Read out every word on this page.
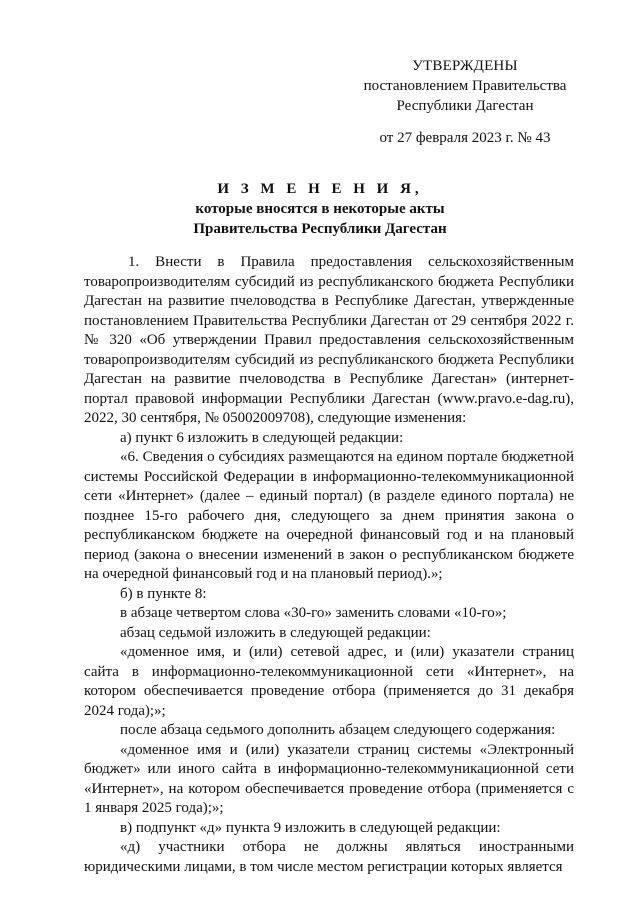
УТВЕРЖДЕНЫ
постановлением Правительства
Республики Дагестан
от 27 февраля 2023 г. № 43
И З М Е Н Е Н И Я,
которые вносятся в некоторые акты
Правительства Республики Дагестан

1. Внести в Правила предоставления сельскохозяйственным товаропроизводителям субсидий из республиканского бюджета Республики Дагестан на развитие пчеловодства в Республике Дагестан, утвержденные постановлением Правительства Республики Дагестан от 29 сентября 2022 г. № 320 «Об утверждении Правил предоставления сельскохозяйственным товаропроизводителям субсидий из республиканского бюджета Республики Дагестан на развитие пчеловодства в Республике Дагестан» (интернет-портал правовой информации Республики Дагестан (www.pravo.e-dag.ru), 2022, 30 сентября, № 05002009708), следующие изменения:

а) пункт 6 изложить в следующей редакции:

«6. Сведения о субсидиях размещаются на едином портале бюджетной системы Российской Федерации в информационно-телекоммуникационной сети «Интернет» (далее – единый портал) (в разделе единого портала) не позднее 15-го рабочего дня, следующего за днем принятия закона о республиканском бюджете на очередной финансовый год и на плановый период (закона о внесении изменений в закон о республиканском бюджете на очередной финансовый год и на плановый период).»;

б) в пункте 8:

в абзаце четвертом слова «30-го» заменить словами «10-го»;

абзац седьмой изложить в следующей редакции:

«доменное имя, и (или) сетевой адрес, и (или) указатели страниц сайта в информационно-телекоммуникационной сети «Интернет», на котором обеспечивается проведение отбора (применяется до 31 декабря 2024 года);»;

после абзаца седьмого дополнить абзацем следующего содержания:

«доменное имя и (или) указатели страниц системы «Электронный бюджет» или иного сайта в информационно-телекоммуникационной сети «Интернет», на котором обеспечивается проведение отбора (применяется с 1 января 2025 года);»;

в) подпункт «д» пункта 9 изложить в следующей редакции:

«д) участники отбора не должны являться иностранными юридическими лицами, в том числе местом регистрации которых является
